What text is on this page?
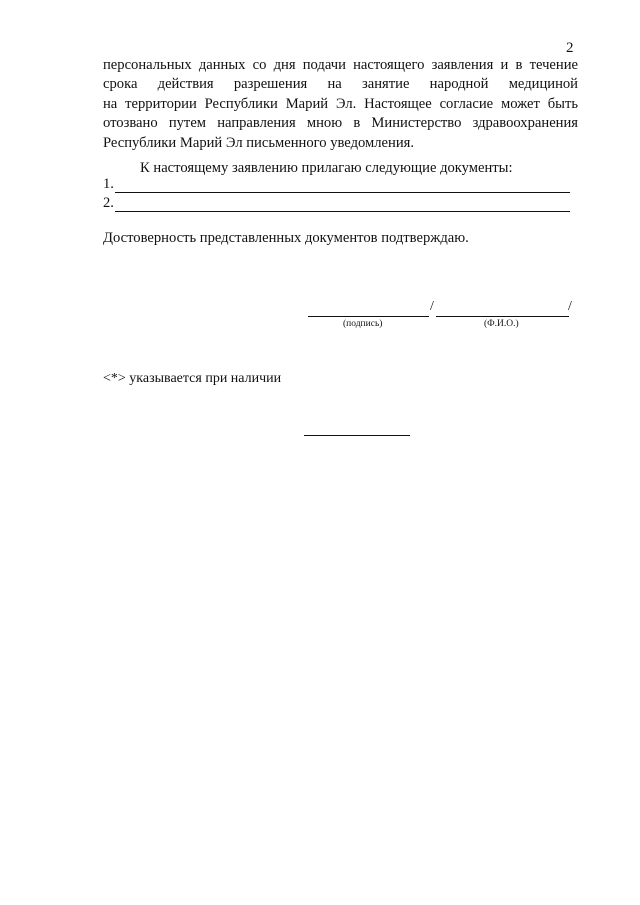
2
персональных данных со дня подачи настоящего заявления и в течение
срока действия разрешения на занятие народной медициной
на территории Республики Марий Эл. Настоящее согласие может быть
отозвано путем направления мною в Министерство здравоохранения
Республики Марий Эл письменного уведомления.
К настоящему заявлению прилагаю следующие документы:
1.
2.
Достоверность представленных документов подтверждаю.
/	/
(подпись)	(Ф.И.О.)
<*> указывается при наличии
